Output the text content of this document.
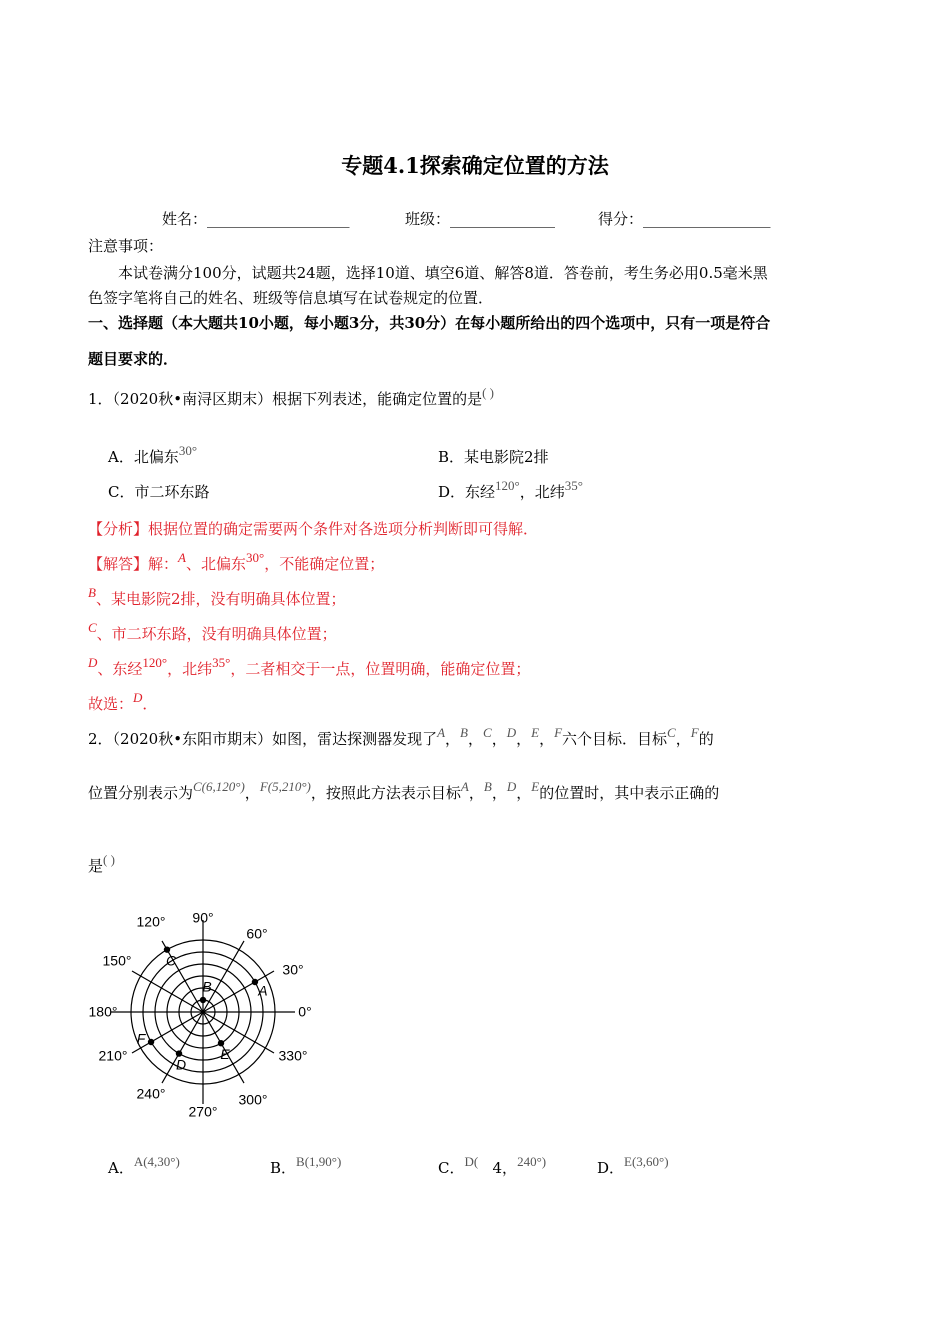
专题4.1探索确定位置的方法
姓名：___________________	班级：______________	得分：_________________
注意事项：
本试卷满分100分，试题共24题，选择10道、填空6道、解答8道．答卷前，考生务必用0.5毫米黑
色签字笔将自己的姓名、班级等信息填写在试卷规定的位置．
一、选择题（本大题共10小题，每小题3分，共30分）在每小题所给出的四个选项中，只有一项是符合
题目要求的．
1．（2020秋•南浔区期末）根据下列表述，能确定位置的是( )
A．北偏东30°	B．某电影院2排
C．市二环东路	D．东经120°，北纬35°
【分析】根据位置的确定需要两个条件对各选项分析判断即可得解．
【解答】解：A、北偏东30°，不能确定位置；
B、某电影院2排，没有明确具体位置；
C、市二环东路，没有明确具体位置；
D、东经120°，北纬35°，二者相交于一点，位置明确，能确定位置；
故选：D．
2．（2020秋•东阳市期末）如图，雷达探测器发现了A，B，C，D，E，F六个目标．目标C，F的
位置分别表示为C(6,120°)，F(5,210°)，按照此方法表示目标A，B，D，E的位置时，其中表示正确的
是( )
90°
60°
30°
0°
330°
300°
270°
240°
210°
180°
150°
120°
A
B
C
D
E
F
A．A(4,30°)	B．B(1,90°)	C．D( 4，240°)	D．E(3,60°)
